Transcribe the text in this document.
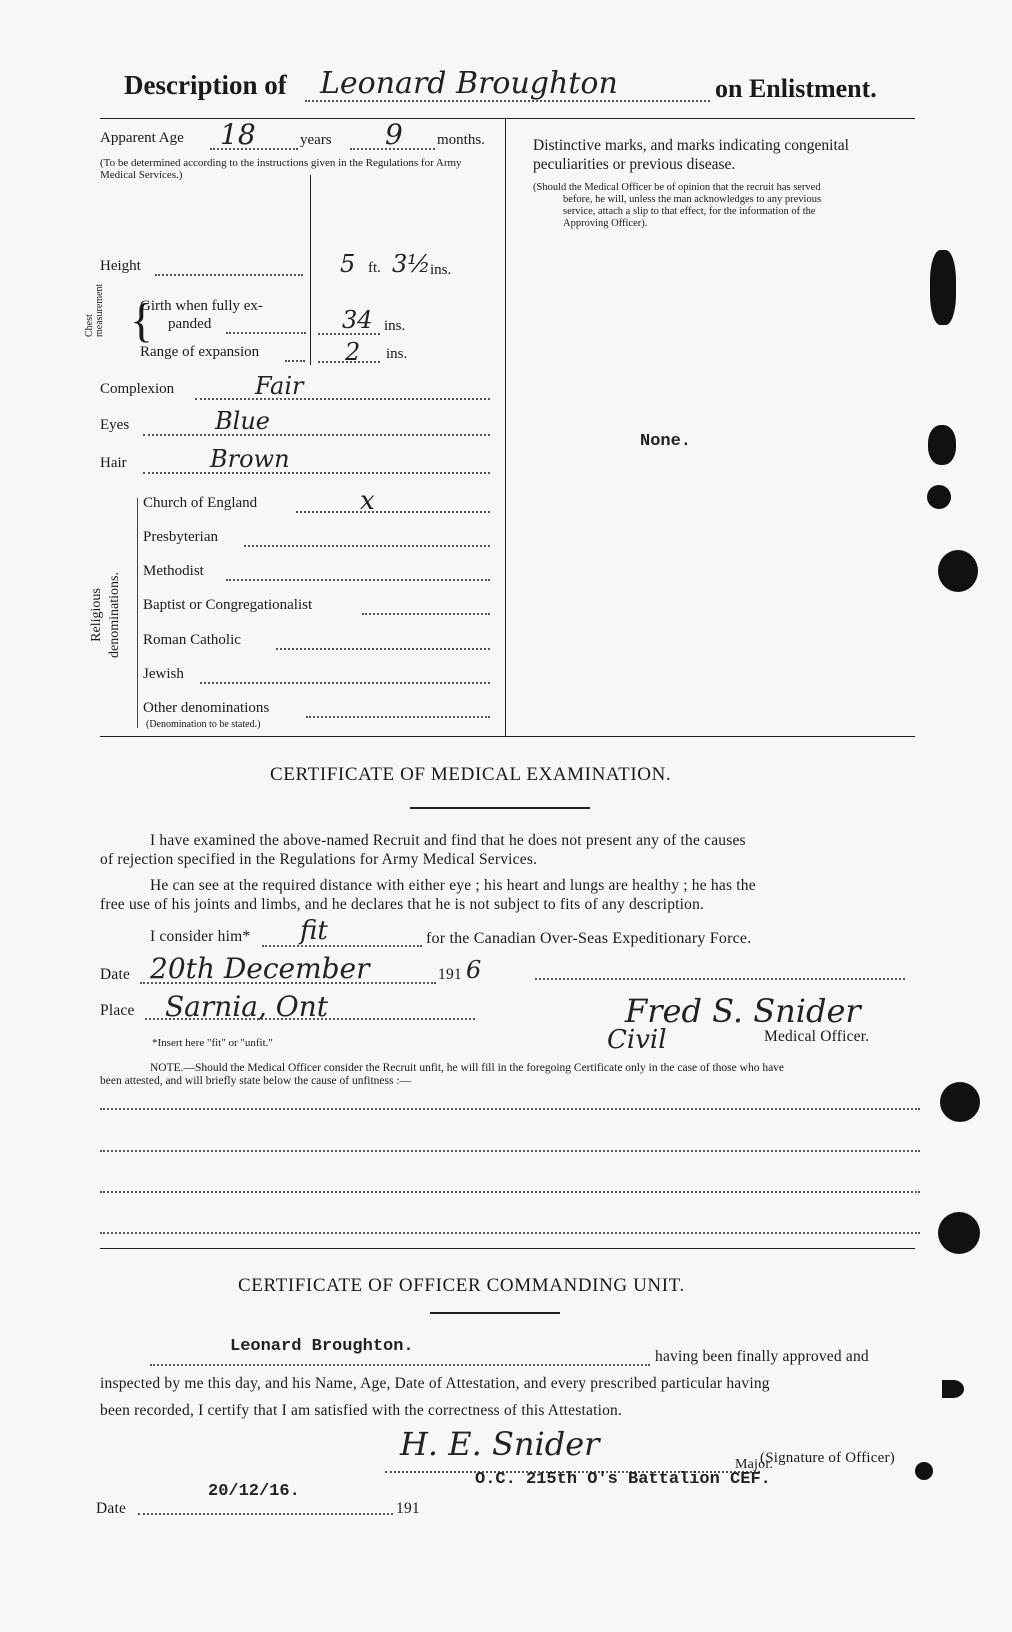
Description of Leonard Broughton	on Enlistment.
Apparent Age 18	years 9 months.
(To be determined according to the instructions given in the Regulations for Army Medical Services.)
Height	5 ft. 3½ ins.
Chest measurement {
Girth when fully ex-
panded	34 ins.
Range of expansion	2 ins.
Complexion	Fair
Eyes	Blue
Hair	Brown
Religious denominations.
Church of England	x
Presbyterian
Methodist
Baptist or Congregationalist
Roman Catholic
Jewish
Other denominations
(Denomination to be stated.)
Distinctive marks, and marks indicating congenital
peculiarities or previous disease.
(Should the Medical Officer be of opinion that the recruit has served
before, he will, unless the man acknowledges to any previous
service, attach a slip to that effect, for the information of the
Approving Officer).
None.
CERTIFICATE OF MEDICAL EXAMINATION.
I have examined the above-named Recruit and find that he does not present any of the causes
of rejection specified in the Regulations for Army Medical Services.
He can see at the required distance with either eye ; his heart and lungs are healthy ; he has the
free use of his joints and limbs, and he declares that he is not subject to fits of any description.
I consider him* fit	for the Canadian Over-Seas Expeditionary Force.
Date 20th December	191 6
Place Sarnia, Ont	Fred S. Snider
Civil	Medical Officer.
*Insert here "fit" or "unfit."
NOTE.—Should the Medical Officer consider the Recruit unfit, he will fill in the foregoing Certificate only in the case of those who have
been attested, and will briefly state below the cause of unfitness :—
CERTIFICATE OF OFFICER COMMANDING UNIT.
Leonard Broughton.
having been finally approved and
inspected by me this day, and his Name, Age, Date of Attestation, and every prescribed particular having
been recorded, I certify that I am satisfied with the correctness of this Attestation.
H. E. Snider
Major.
(Signature of Officer)
O.C. 215th O's Battalion CEF.
Date
20/12/16.
191
